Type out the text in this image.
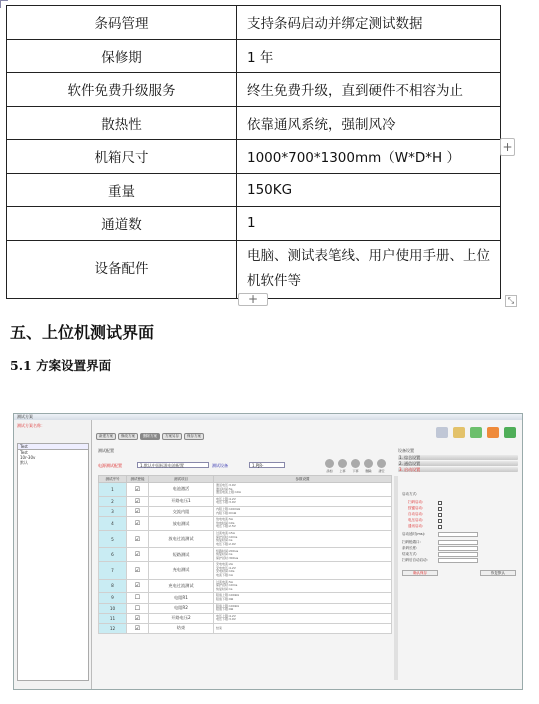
条码管理	支持条码启动并绑定测试数据
保修期	1 年
软件免费升级服务	终生免费升级，直到硬件不相容为止
散热性	依靠通风系统，强制风冷
机箱尺寸	1000*700*1300mm（W*D*H ）
重量	150KG
通道数	1
设备配件	电脑、测试表笔线、用户使用手册、上位机软件等
+
+	⤡
五、上位机测试界面
5.1 方案设置界面
测试方案
测试方案名称：
Test
Test
10r-30v
默认
新建方案	修改方案	删除方案	方案另存	保存方案
测试配置
电源测试配置	1.默认中国标准电池配置	测试设备	1.PJR-
添加	上移	下移	删除	清空
测试序号	测试使能	测试项目	参数设置
1	☑	电池激活	激活电压:3.0V
激活时间:5s
激活电流上限:10A

2	☑	开路电压1	电压上限:4.2V
电压下限:3.0V

3	☑	交流内阻	内阻上限:100mΩ
内阻下限:0mΩ

4	☑	放电测试	放电电流:5A
放电时间:10s
电压下限:2.5V

5	☑	放电过流测试	过流电流:15A
保护延时:10ms
恢复时间:1s
电压下限:2.0V

6	☑	短路测试	短路时间:200us
恢复时间:1s
保护延时:300us

7	☑	充电测试	充电电流:2A
充电电压:4.2V
充电时间:10s
电流下限:1A

8	☑	充电过流测试	过流电流:5A
保护延时:10ms
恢复时间:1s

9	☐	电阻R1	阻值上限:100kΩ
阻值下限:0Ω

10	☐	电阻R2	阻值上限:100kΩ
阻值下限:0Ω

11	☑	开路电压2	电压上限:4.2V
电压下限:3.0V

12	☑	结束	结束
设备设置
1. 综合设置
2. 通信设置
3. 启动设置
启动方式:
扫码启动:
按键启动:
自动启动:
电压启动:
通讯启动:
启动延时(ms):
扫码枪端口:
条码长度:
结束方式:
扫码后自动启动:
确认保存	恢复默认
